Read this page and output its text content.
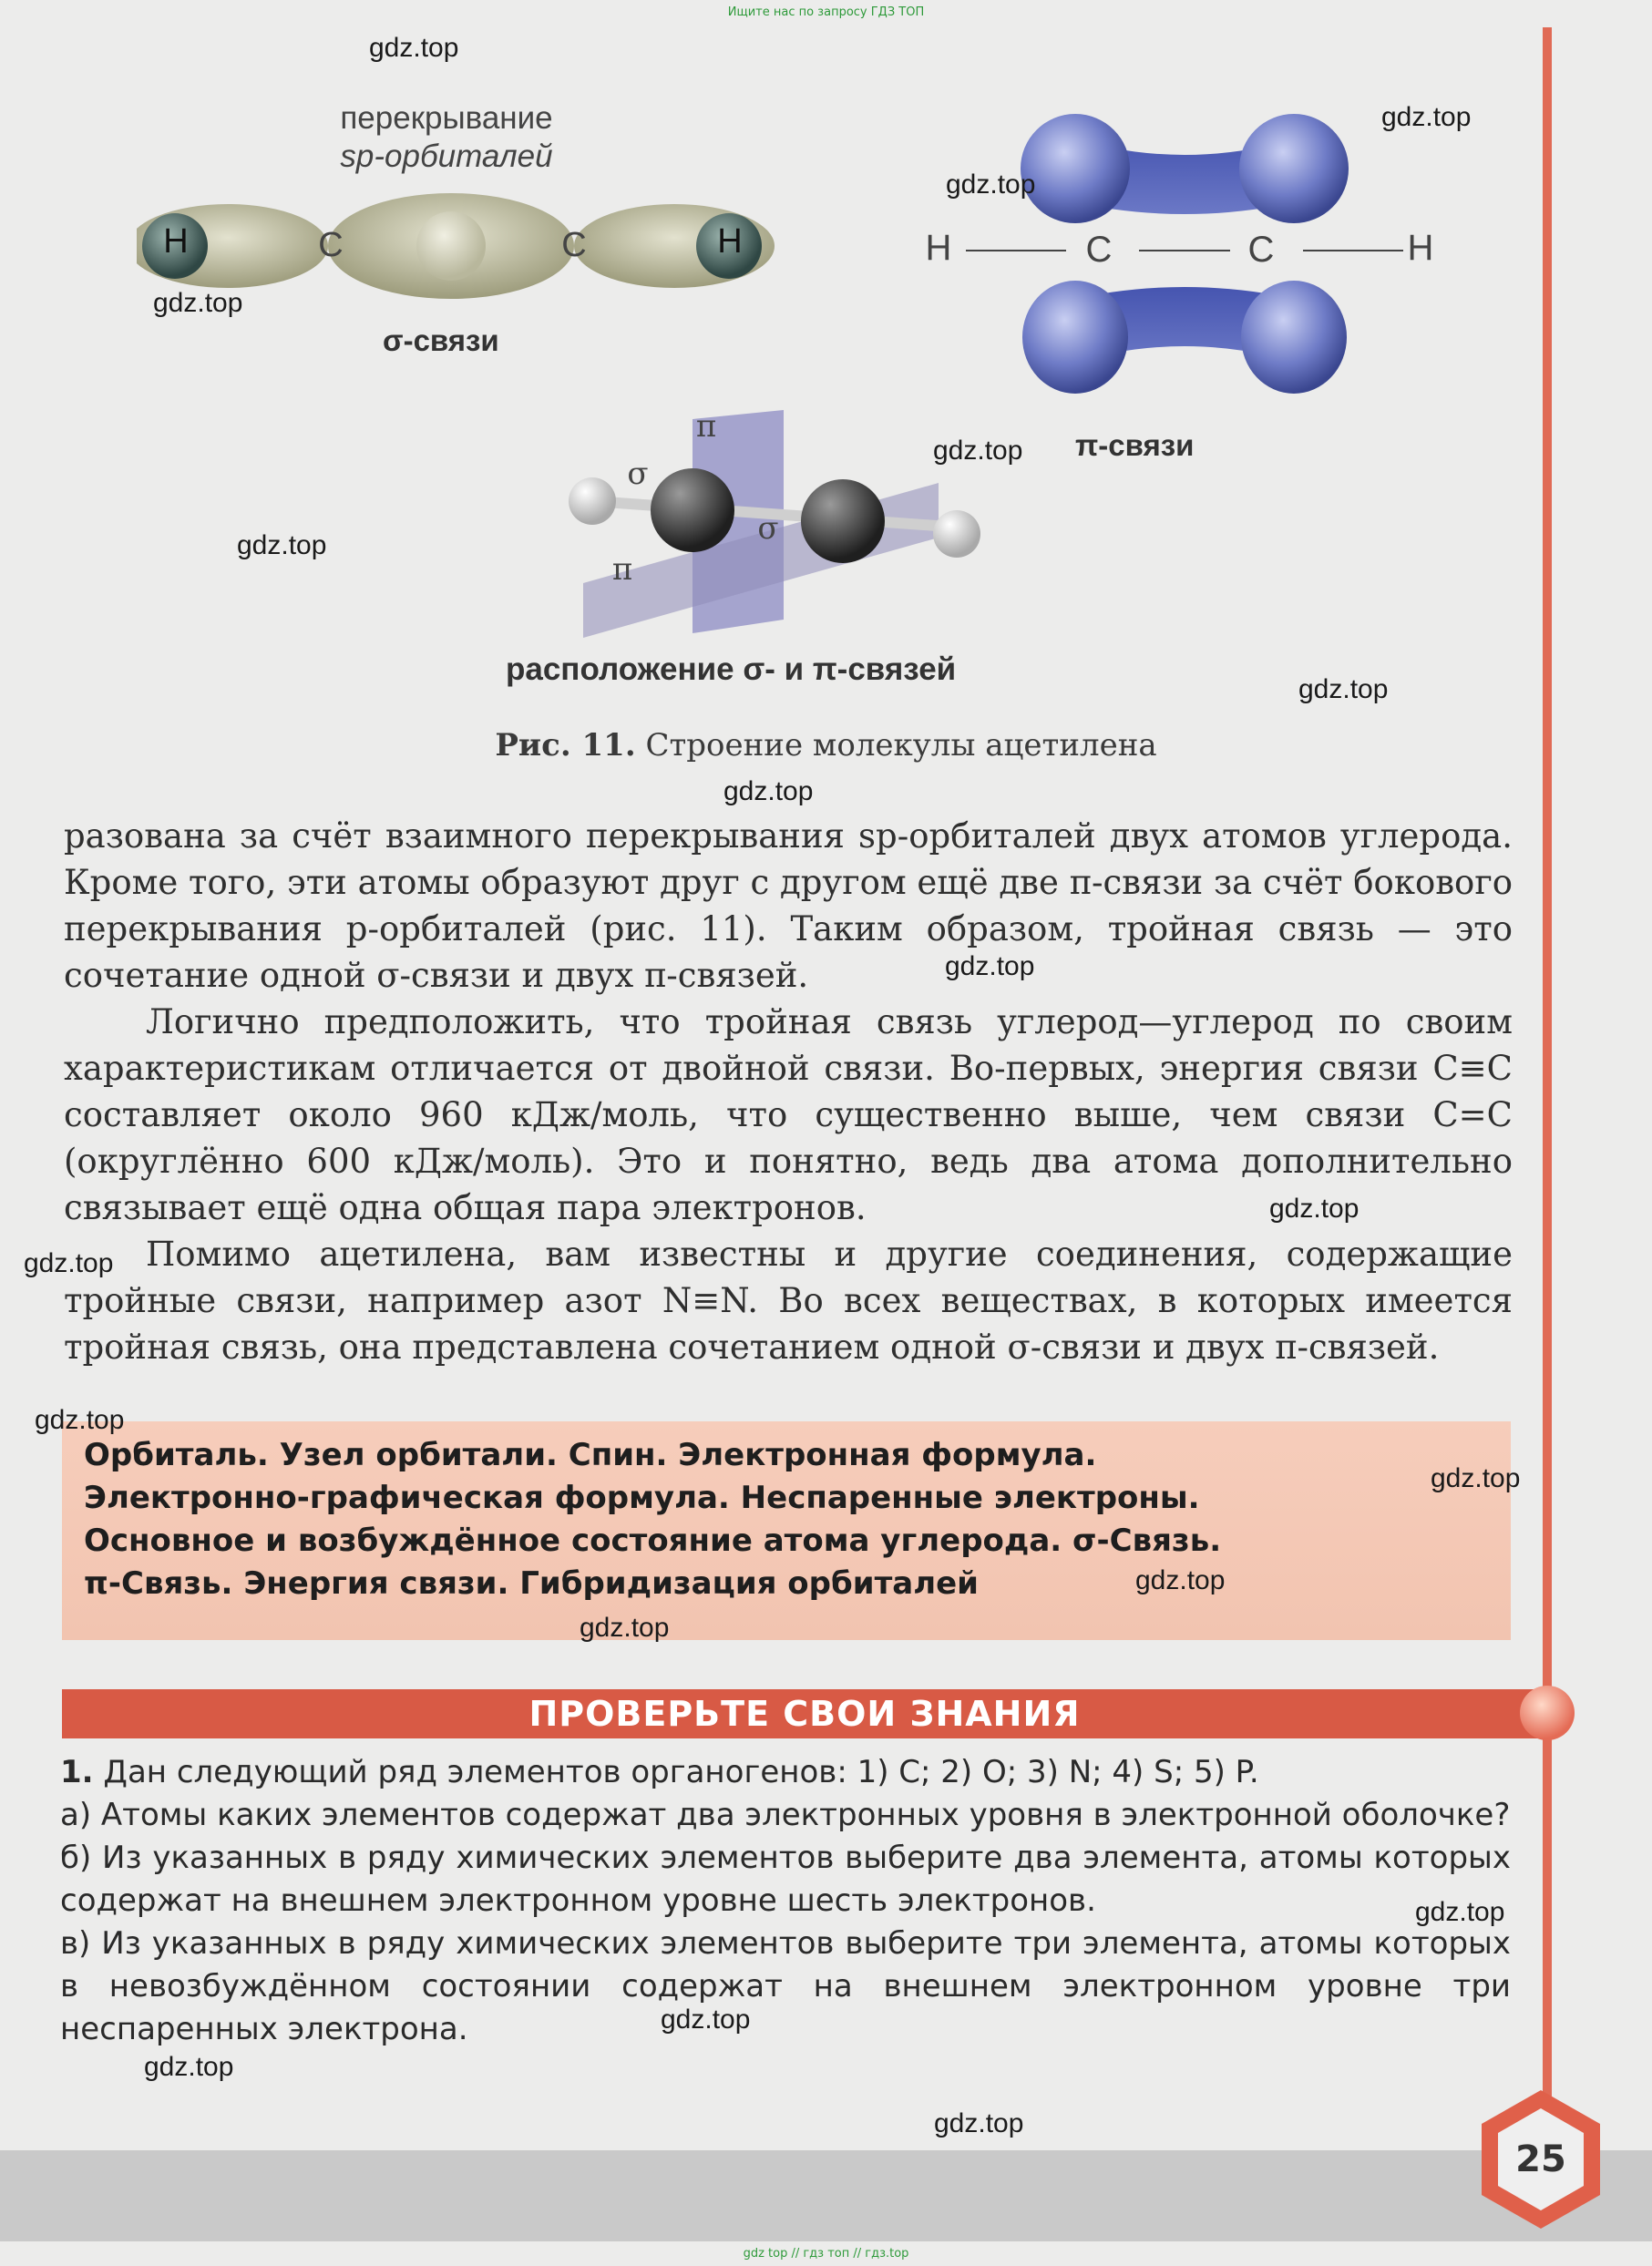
Ищите нас по запросу ГДЗ ТОП
gdz top // гдз топ // гдз.top
перекрывание
sp-орбиталей
H	C	C	H
σ-связи
H	C	C	H
π-связи
π
σ
σ
π
расположение σ- и π-связей
Рис. 11. Строение молекулы ацетилена

разована за счёт взаимного перекрывания sp-орбиталей двух атомов углерода. Кроме того, эти атомы образуют друг с другом ещё две π-связи за счёт бокового перекрывания p-орбиталей (рис. 11). Таким образом, тройная связь — это сочетание одной σ-связи и двух π-связей.

Логично предположить, что тройная связь углерод—углерод по своим характеристикам отличается от двойной связи. Во-первых, энергия связи C≡C составляет около 960 кДж/моль, что существенно выше, чем связи C=C (округлённо 600 кДж/моль). Это и понятно, ведь два атома дополнительно связывает ещё одна общая пара электронов.

Помимо ацетилена, вам известны и другие соединения, содержащие тройные связи, например азот N≡N. Во всех веществах, в которых имеется тройная связь, она представлена сочетанием одной σ-связи и двух π-связей.

Орбиталь. Узел орбитали. Спин. Электронная формула.
Электронно-графическая формула. Неспаренные электроны.
Основное и возбуждённое состояние атома углерода. σ-Связь.
π-Связь. Энергия связи. Гибридизация орбиталей
ПРОВЕРЬТЕ СВОИ ЗНАНИЯ

1. Дан следующий ряд элементов органогенов: 1) C; 2) O; 3) N; 4) S; 5) P.

а) Атомы каких элементов содержат два электронных уровня в электронной оболочке?

б) Из указанных в ряду химических элементов выберите два элемента, атомы которых содержат на внешнем электронном уровне шесть электронов.

в) Из указанных в ряду химических элементов выберите три элемента, атомы которых в невозбуждённом состоянии содержат на внешнем электронном уровне три неспаренных электрона.

25
gdz.top
gdz.top
gdz.top
gdz.top
gdz.top
gdz.top
gdz.top
gdz.top
gdz.top
gdz.top
gdz.top
gdz.top
gdz.top
gdz.top
gdz.top
gdz.top
gdz.top
gdz.top
gdz.top
